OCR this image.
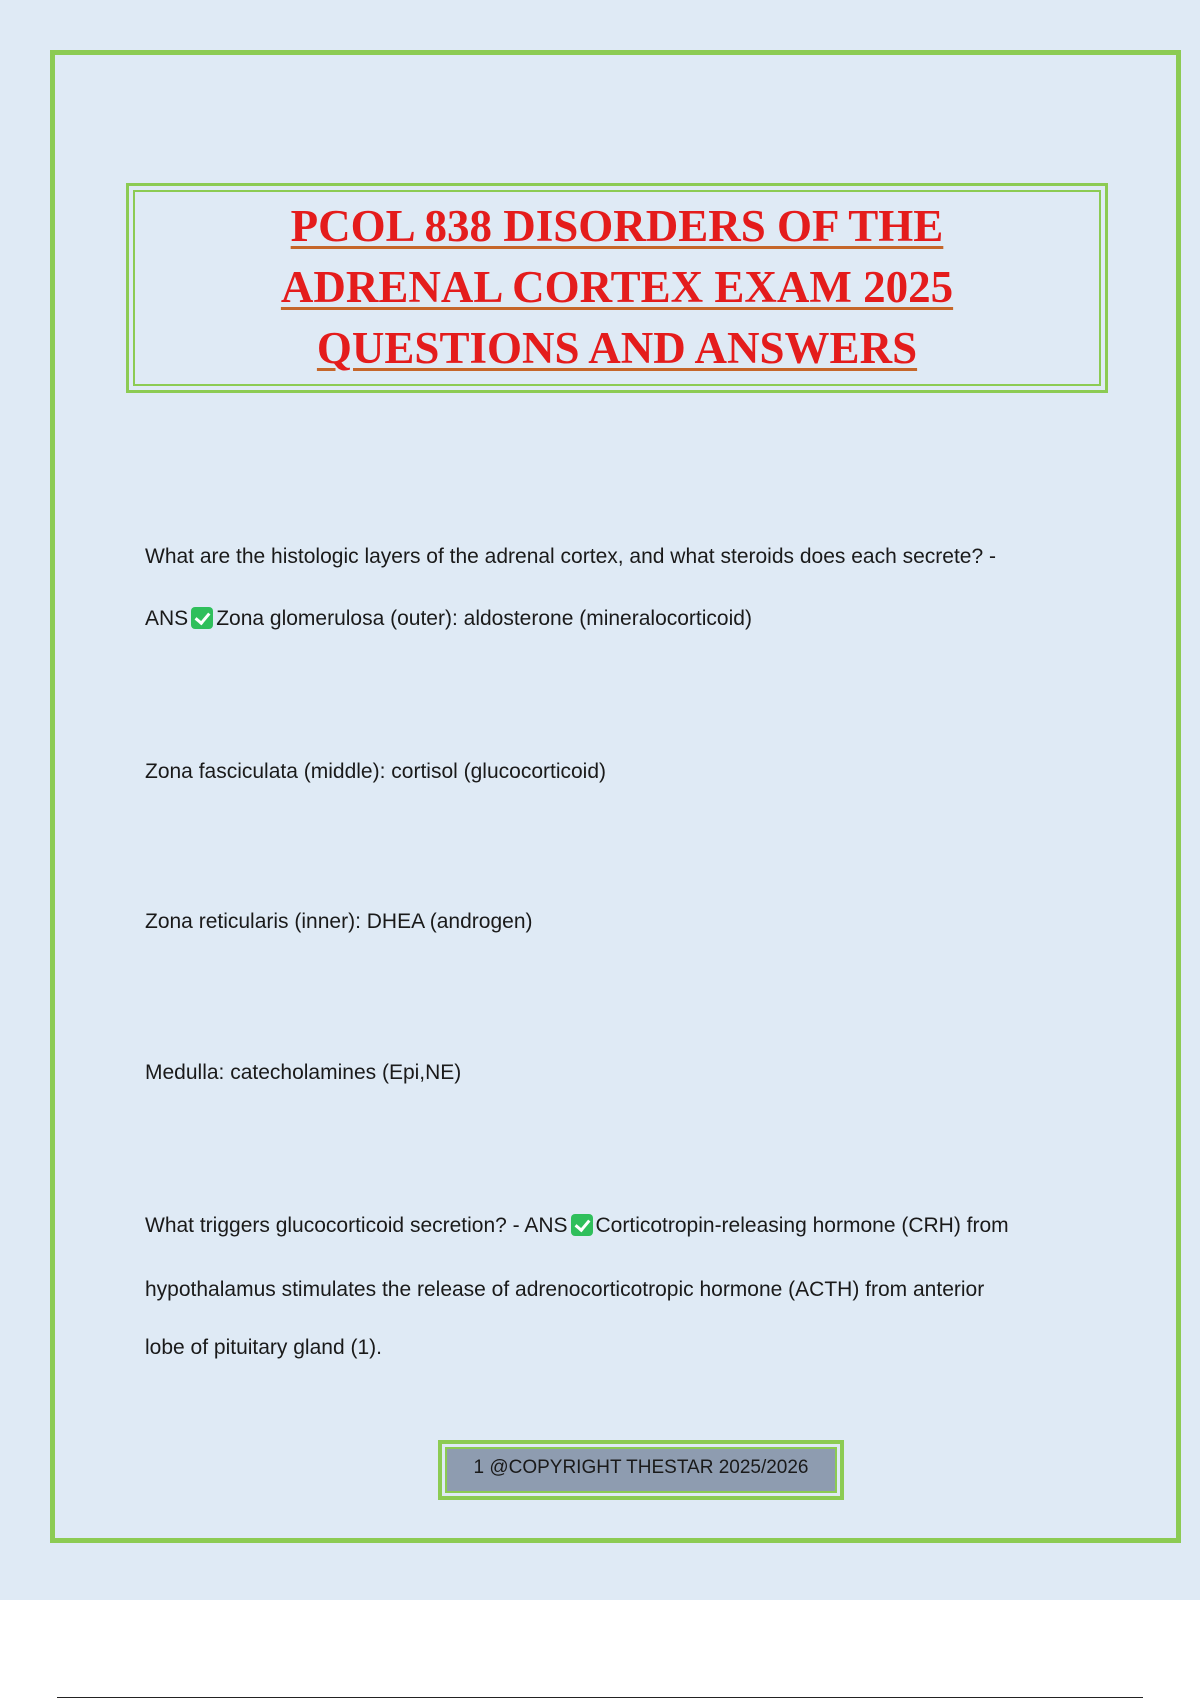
PCOL 838 DISORDERS OF THE
ADRENAL CORTEX EXAM 2025
QUESTIONS AND ANSWERS
What are the histologic layers of the adrenal cortex, and what steroids does each secrete? -
ANS Zona glomerulosa (outer): aldosterone (mineralocorticoid)
Zona fasciculata (middle): cortisol (glucocorticoid)
Zona reticularis (inner): DHEA (androgen)
Medulla: catecholamines (Epi,NE)
What triggers glucocorticoid secretion? - ANS Corticotropin-releasing hormone (CRH) from
hypothalamus stimulates the release of adrenocorticotropic hormone (ACTH) from anterior
lobe of pituitary gland (1).
1 @COPYRIGHT THESTAR 2025/2026
